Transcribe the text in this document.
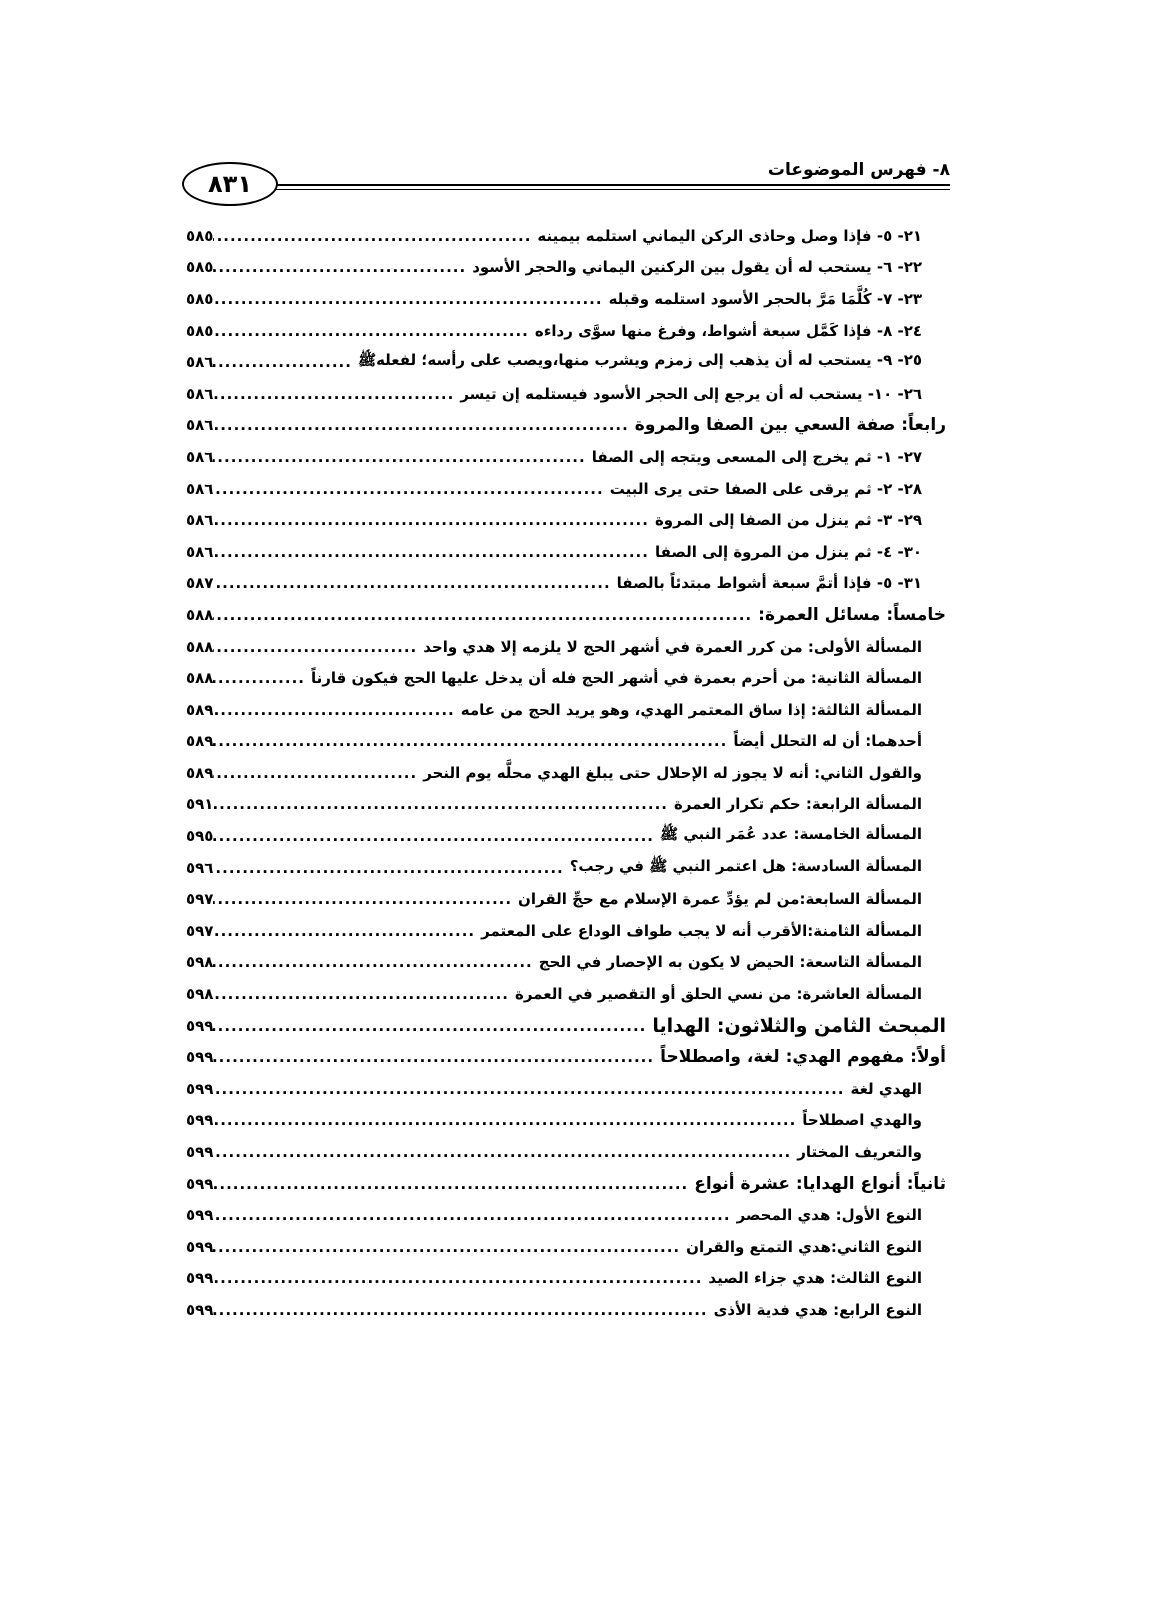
٨٣١	٨- فهرس الموضوعات
٢١- ٥- فإذا وصل وحاذى الركن اليماني استلمه بيمينه
.....
٥٨٥
٢٢- ٦- يستحب له أن يقول بين الركنين اليماني والحجر الأسود
.....
٥٨٥
٢٣- ٧- كُلَّمَا مَرَّ بالحجر الأسود استلمه وقبله
.....
٥٨٥
٢٤- ٨- فإذا كَمَّل سبعة أشواط، وفرغ منها سوَّى رداءه
.....
٥٨٥
٢٥- ٩- يستحب له أن يذهب إلى زمزم ويشرب منها،ويصب على رأسه؛ لفعلهﷺ
.....
٥٨٦
٢٦- ١٠- يستحب له أن يرجع إلى الحجر الأسود فيستلمه إن تيسر
.....
٥٨٦
رابعاً: صفة السعي بين الصفا والمروة
.....
٥٨٦
٢٧- ١- ثم يخرج إلى المسعى ويتجه إلى الصفا
.....
٥٨٦
٢٨- ٢- ثم يرقى على الصفا حتى يرى البيت
.....
٥٨٦
٢٩- ٣- ثم ينزل من الصفا إلى المروة
.....
٥٨٦
٣٠- ٤- ثم ينزل من المروة إلى الصفا
.....
٥٨٦
٣١- ٥- فإذا أتمَّ سبعة أشواط مبتدئاً بالصفا
.....
٥٨٧
خامساً: مسائل العمرة:
.....
٥٨٨
المسألة الأولى: من كرر العمرة في أشهر الحج لا يلزمه إلا هدي واحد
.....
٥٨٨
المسألة الثانية: من أحرم بعمرة في أشهر الحج فله أن يدخل عليها الحج فيكون قارناً
.....
٥٨٨
المسألة الثالثة: إذا ساق المعتمر الهدي، وهو يريد الحج من عامه
.....
٥٨٩
أحدهما: أن له التحلل أيضاً
.....
٥٨٩
والقول الثاني: أنه لا يجوز له الإحلال حتى يبلغ الهدي محلَّه يوم النحر
.....
٥٨٩
المسألة الرابعة: حكم تكرار العمرة
.....
٥٩١
المسألة الخامسة: عدد عُمَر النبي ﷺ
.....
٥٩٥
المسألة السادسة: هل اعتمر النبي ﷺ في رجب؟
.....
٥٩٦
المسألة السابعة:من لم يؤدِّ عمرة الإسلام مع حجِّ القران
.....
٥٩٧
المسألة الثامنة:الأقرب أنه لا يجب طواف الوداع على المعتمر
.....
٥٩٧
المسألة التاسعة: الحيض لا يكون به الإحصار في الحج
.....
٥٩٨
المسألة العاشرة: من نسي الحلق أو التقصير في العمرة
.....
٥٩٨
المبحث الثامن والثلاثون: الهدايا
.....
٥٩٩
أولاً: مفهوم الهدي: لغة، واصطلاحاً
.....
٥٩٩
الهدي لغة
.....
٥٩٩
والهدي اصطلاحاً
.....
٥٩٩
والتعريف المختار
.....
٥٩٩
ثانياً: أنواع الهدايا: عشرة أنواع
.....
٥٩٩
النوع الأول: هدي المحصر
.....
٥٩٩
النوع الثاني:هدي التمتع والقران
.....
٥٩٩
النوع الثالث: هدي جزاء الصيد
.....
٥٩٩
النوع الرابع: هدي فدية الأذى
.....
٥٩٩
